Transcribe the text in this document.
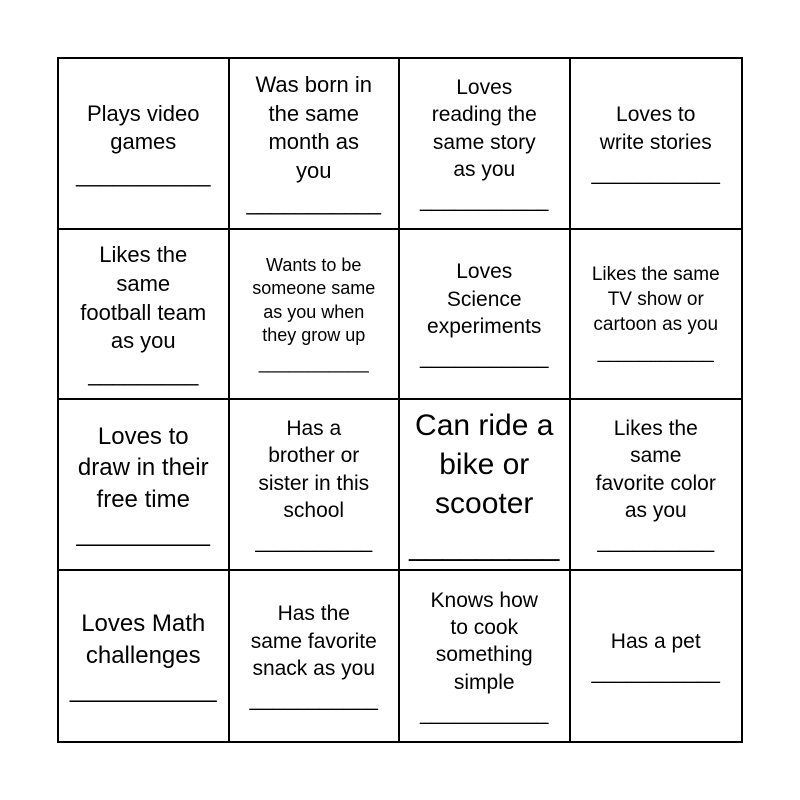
Plays video
games
___________
Was born in
the same
month as
you
___________
Loves
reading the
same story
as you
___________
Loves to
write stories
___________
Likes the
same
football team
as you
_________
Wants to be
someone same
as you when
they grow up
___________
Loves
Science
experiments
___________
Likes the same
TV show or
cartoon as you
___________
Loves to
draw in their
free time
__________
Has a
brother or
sister in this
school
__________
Can ride a
bike or
scooter
_________
Likes the
same
favorite color
as you
__________
Loves Math
challenges
___________
Has the
same favorite
snack as you
___________
Knows how
to cook
something
simple
___________
Has a pet
___________
